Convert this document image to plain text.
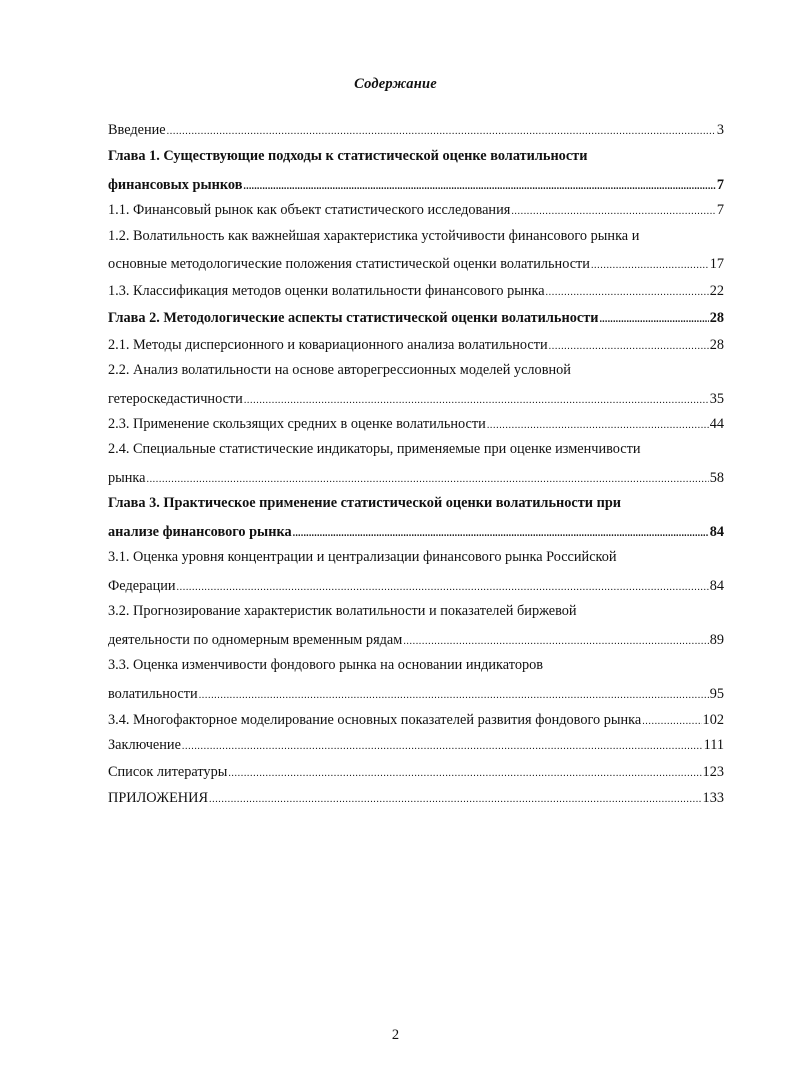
Содержание
Введение .....	3
Глава 1. Существующие подходы к статистической оценке волатильности
финансовых рынков .....	7
1.1. Финансовый рынок как объект статистического исследования .....	7
1.2. Волатильность как важнейшая характеристика устойчивости финансового рынка и
основные методологические положения статистической оценки волатильности .....	17
1.3. Классификация методов оценки волатильности финансового рынка .....	22
Глава 2. Методологические аспекты статистической оценки волатильности .....	28
2.1. Методы дисперсионного и ковариационного анализа волатильности .....	28
2.2. Анализ волатильности на основе авторегрессионных моделей условной
гетероскедастичности .....	35
2.3. Применение скользящих средних в оценке волатильности .....	44
2.4. Специальные статистические индикаторы, применяемые при оценке изменчивости
рынка .....	58
Глава 3. Практическое применение статистической оценки волатильности при
анализе финансового рынка .....	84
3.1. Оценка уровня концентрации и централизации финансового рынка Российской
Федерации .....	84
3.2. Прогнозирование характеристик волатильности и показателей биржевой
деятельности по одномерным временным рядам .....	89
3.3. Оценка изменчивости фондового рынка на основании индикаторов
волатильности .....	95
3.4. Многофакторное моделирование основных показателей развития фондового рынка .....	102
Заключение .....	111
Список литературы .....	123
ПРИЛОЖЕНИЯ .....	133
2
